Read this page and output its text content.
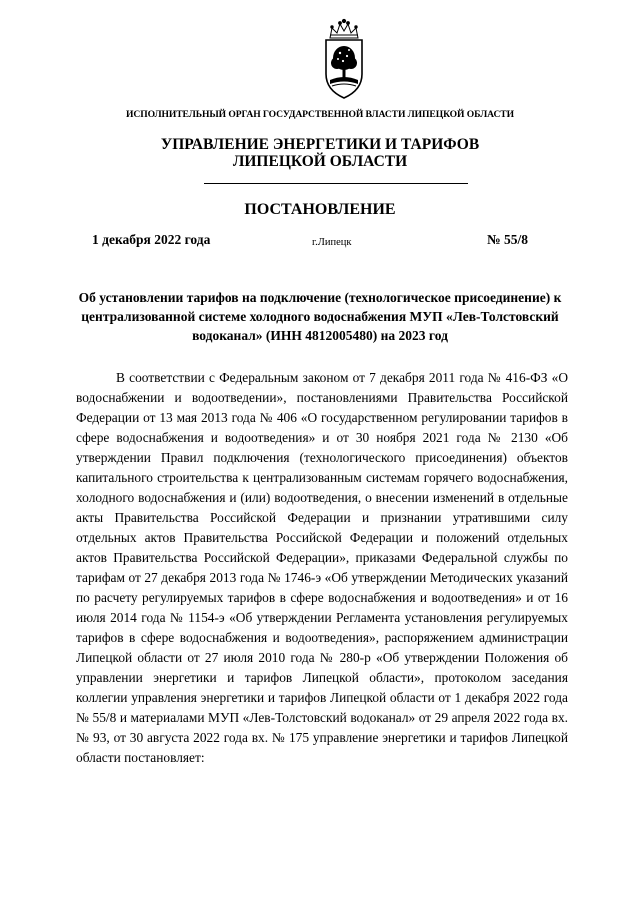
ИСПОЛНИТЕЛЬНЫЙ ОРГАН ГОСУДАРСТВЕННОЙ ВЛАСТИ ЛИПЕЦКОЙ ОБЛАСТИ
УПРАВЛЕНИЕ ЭНЕРГЕТИКИ И ТАРИФОВ
ЛИПЕЦКОЙ ОБЛАСТИ
ПОСТАНОВЛЕНИЕ
1 декабря 2022 года	г.Липецк	№ 55/8
Об установлении тарифов на подключение (технологическое присоединение) к централизованной системе холодного водоснабжения МУП «Лев-Толстовский водоканал» (ИНН 4812005480) на 2023 год

В соответствии с Федеральным законом от 7 декабря 2011 года № 416-ФЗ «О водоснабжении и водоотведении», постановлениями Правительства Российской Федерации от 13 мая 2013 года № 406 «О государственном регулировании тарифов в сфере водоснабжения и водоотведения» и от 30 ноября 2021 года № 2130 «Об утверждении Правил подключения (технологического присоединения) объектов капитального строительства к централизованным системам горячего водоснабжения, холодного водоснабжения и (или) водоотведения, о внесении изменений в отдельные акты Правительства Российской Федерации и признании утратившими силу отдельных актов Правительства Российской Федерации и положений отдельных актов Правительства Российской Федерации», приказами Федеральной службы по тарифам от 27 декабря 2013 года № 1746-э «Об утверждении Методических указаний по расчету регулируемых тарифов в сфере водоснабжения и водоотведения» и от 16 июля 2014 года № 1154-э «Об утверждении Регламента установления регулируемых тарифов в сфере водоснабжения и водоотведения», распоряжением администрации Липецкой области от 27 июля 2010 года № 280-р «Об утверждении Положения об управлении энергетики и тарифов Липецкой области», протоколом заседания коллегии управления энергетики и тарифов Липецкой области от 1 декабря 2022 года № 55/8 и материалами МУП «Лев-Толстовский водоканал» от 29 апреля 2022 года вх. № 93, от 30 августа 2022 года вх. № 175 управление энергетики и тарифов Липецкой области постановляет:
